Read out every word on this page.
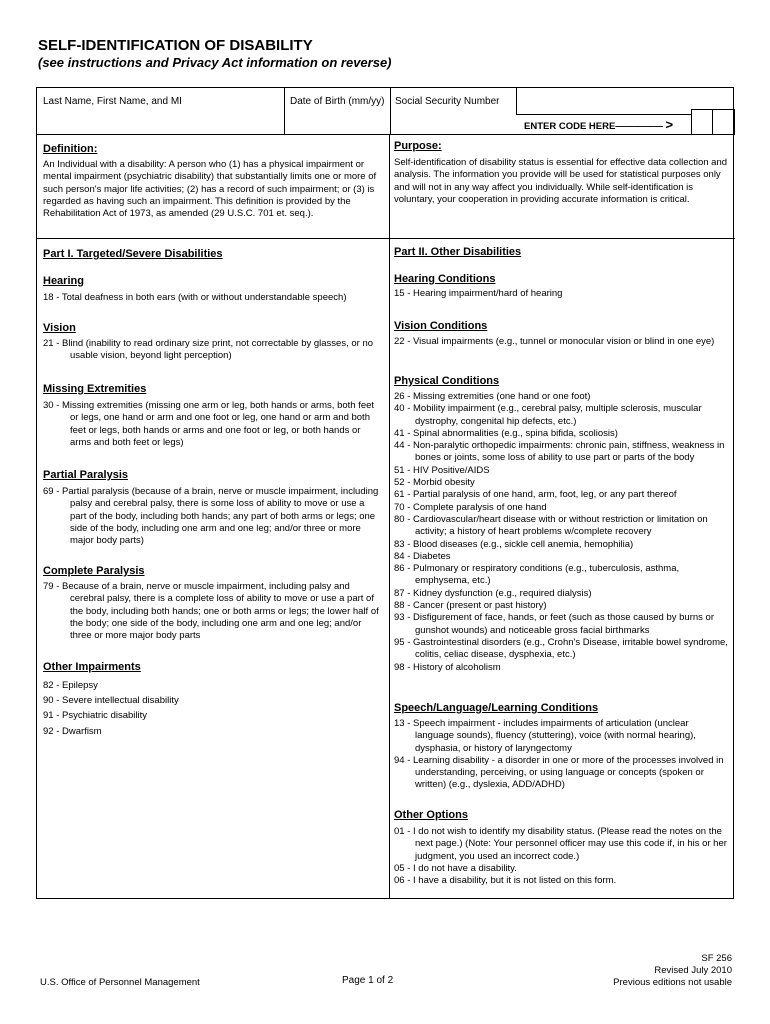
SELF-IDENTIFICATION OF DISABILITY
(see instructions and Privacy Act information on reverse)
Last Name, First Name, and MI	Date of Birth (mm/yy) Social Security Number
ENTER CODE HERE————— >
Definition:
An Individual with a disability: A person who (1) has a physical impairment or mental impairment (psychiatric disability) that substantially limits one or more of such person's major life activities; (2) has a record of such impairment; or (3) is regarded as having such an impairment. This definition is provided by the Rehabilitation Act of 1973, as amended (29 U.S.C. 701 et. seq.).
Purpose:
Self-identification of disability status is essential for effective data collection and analysis. The information you provide will be used for statistical purposes only and will not in any way affect you individually. While self-identification is voluntary, your cooperation in providing accurate information is critical.
Part I. Targeted/Severe Disabilities
Hearing
18 - Total deafness in both ears (with or without understandable speech)
Vision
21 - Blind (inability to read ordinary size print, not correctable by glasses, or no usable vision, beyond light perception)
Missing Extremities
30 - Missing extremities (missing one arm or leg, both hands or arms, both feet or legs, one hand or arm and one foot or leg, one hand or arm and both feet or legs, both hands or arms and one foot or leg, or both hands or arms and both feet or legs)
Partial Paralysis
69 - Partial paralysis (because of a brain, nerve or muscle impairment, including palsy and cerebral palsy, there is some loss of ability to move or use a part of the body, including both hands; any part of both arms or legs; one side of the body, including one arm and one leg; and/or three or more major body parts)
Complete Paralysis
79 - Because of a brain, nerve or muscle impairment, including palsy and cerebral palsy, there is a complete loss of ability to move or use a part of the body, including both hands; one or both arms or legs; the lower half of the body; one side of the body, including one arm and one leg; and/or three or more major body parts
Other Impairments
82 - Epilepsy
90 - Severe intellectual disability
91 - Psychiatric disability
92 - Dwarfism
Part II. Other Disabilities
Hearing Conditions
15 - Hearing impairment/hard of hearing
Vision Conditions
22 - Visual impairments (e.g., tunnel or monocular vision or blind in one eye)
Physical Conditions
26 - Missing extremities (one hand or one foot)
40 - Mobility impairment (e.g., cerebral palsy, multiple sclerosis, muscular dystrophy, congenital hip defects, etc.)
41 - Spinal abnormalities (e.g., spina bifida, scoliosis)
44 - Non-paralytic orthopedic impairments: chronic pain, stiffness, weakness in bones or joints, some loss of ability to use part or parts of the body
51 - HIV Positive/AIDS
52 - Morbid obesity
61 - Partial paralysis of one hand, arm, foot, leg, or any part thereof
70 - Complete paralysis of one hand
80 - Cardiovascular/heart disease with or without restriction or limitation on activity; a history of heart problems w/complete recovery
83 - Blood diseases (e.g., sickle cell anemia, hemophilia)
84 - Diabetes
86 - Pulmonary or respiratory conditions (e.g., tuberculosis, asthma, emphysema, etc.)
87 - Kidney dysfunction (e.g., required dialysis)
88 - Cancer (present or past history)
93 - Disfigurement of face, hands, or feet (such as those caused by burns or gunshot wounds) and noticeable gross facial birthmarks
95 - Gastrointestinal disorders (e.g., Crohn's Disease, irritable bowel syndrome, colitis, celiac disease, dysphexia, etc.)
98 - History of alcoholism
Speech/Language/Learning Conditions
13 - Speech impairment - includes impairments of articulation (unclear language sounds), fluency (stuttering), voice (with normal hearing), dysphasia, or history of laryngectomy
94 - Learning disability - a disorder in one or more of the processes involved in understanding, perceiving, or using language or concepts (spoken or written) (e.g., dyslexia, ADD/ADHD)
Other Options
01 - I do not wish to identify my disability status. (Please read the notes on the next page.) (Note: Your personnel officer may use this code if, in his or her judgment, you used an incorrect code.)
05 - I do not have a disability.
06 - I have a disability, but it is not listed on this form.
U.S. Office of Personnel Management	Page 1 of 2
SF 256
Revised July 2010
Previous editions not usable
